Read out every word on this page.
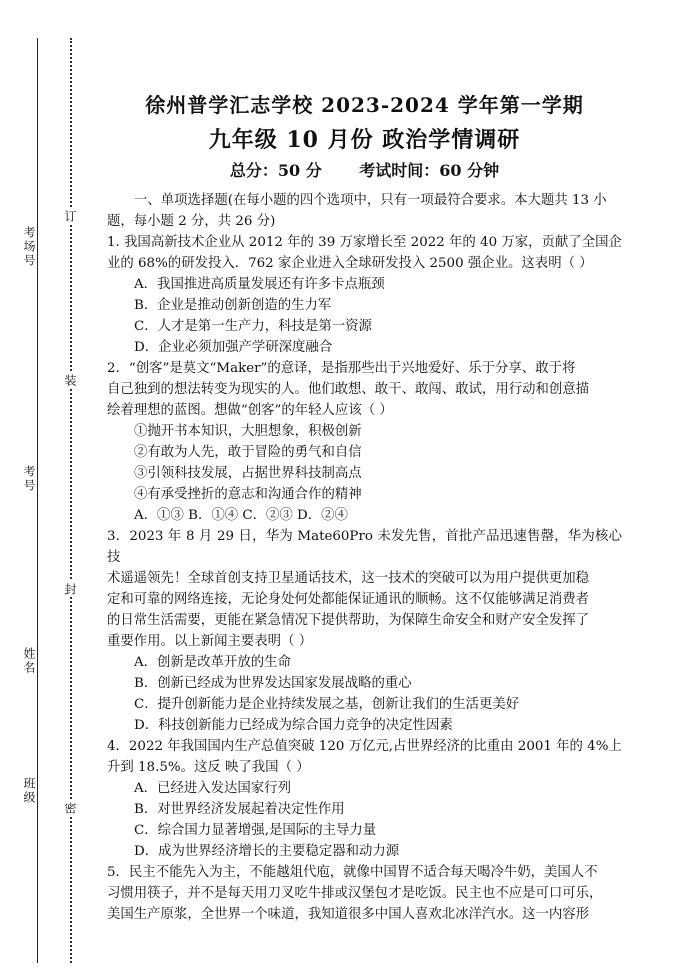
考场号
考号
姓名
班级
订
装
封
密
徐州普学汇志学校 2023-2024 学年第一学期
九年级 10 月份 政治学情调研
总分：50 分 考试时间：60 分钟

一、单项选择题(在每小题的四个选项中，只有一项最符合要求。本大题共 13 小

题，每小题 2 分，共 26 分)

1. 我国高新技术企业从 2012 年的 39 万家增长至 2022 年的 40 万家，贡献了全国企

业的 68%的研发投入．762 家企业进入全球研发投入 2500 强企业。这表明（ ）

A．我国推进高质量发展还有许多卡点瓶颈

B．企业是推动创新创造的生力军

C．人才是第一生产力，科技是第一资源

D．企业必须加强产学研深度融合

2．“创客”是莫文“Maker”的意译，是指那些出于兴地爱好、乐于分享、敢于将

自己独到的想法转变为现实的人。他们敢想、敢干、敢闯、敢试，用行动和创意描

绘着理想的蓝图。想做“创客”的年轻人应该（ ）

①抛开书本知识，大胆想象，积极创新

②有敢为人先，敢于冒险的勇气和自信

③引领科技发展，占据世界科技制高点

④有承受挫折的意志和沟通合作的精神

A．①③ B．①④ C．②③ D．②④

3．2023 年 8 月 29 日，华为 Mate60Pro 未发先售，首批产品迅速售罄，华为核心技

术遥遥领先！全球首创支持卫星通话技术，这一技术的突破可以为用户提供更加稳

定和可靠的网络连接，无论身处何处都能保证通讯的顺畅。这不仅能够满足消费者

的日常生活需要，更能在紧急情况下提供帮助，为保障生命安全和财产安全发挥了

重要作用。以上新闻主要表明（ ）

A．创新是改革开放的生命

B．创新已经成为世界发达国家发展战略的重心

C．提升创新能力是企业持续发展之基，创新让我们的生活更美好

D．科技创新能力已经成为综合国力竞争的决定性因素

4．2022 年我国国内生产总值突破 120 万亿元,占世界经济的比重由 2001 年的 4%上

升到 18.5%。这反 映了我国（ ）

A．已经进入发达国家行列

B．对世界经济发展起着决定性作用

C．综合国力显著增强,是国际的主导力量

D．成为世界经济增长的主要稳定器和动力源

5．民主不能先入为主，不能越俎代庖，就像中国胃不适合每天喝冷牛奶，美国人不

习惯用筷子，并不是每天用刀叉吃牛排或汉堡包才是吃饭。民主也不应是可口可乐，

美国生产原浆，全世界一个味道，我知道很多中国人喜欢北冰洋汽水。这一内容形
